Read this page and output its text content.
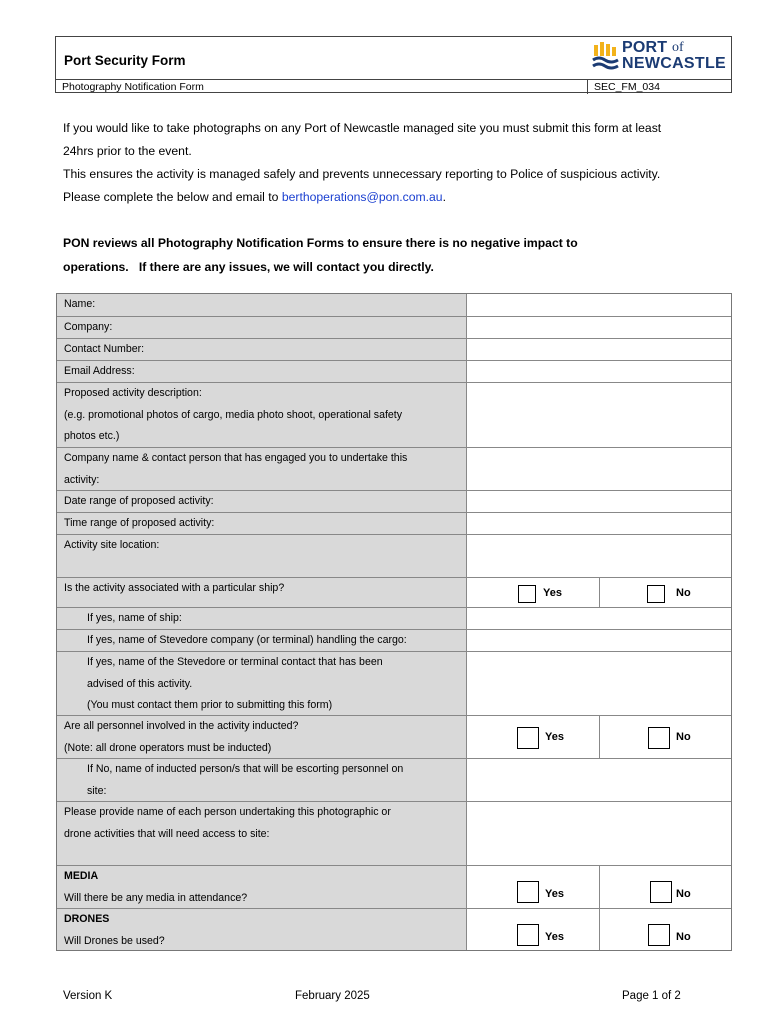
Port Security Form
PORT of
NEWCASTLE
Photography Notification Form	SEC_FM_034
If you would like to take photographs on any Port of Newcastle managed site you must submit this form at least
24hrs prior to the event.
This ensures the activity is managed safely and prevents unnecessary reporting to Police of suspicious activity.
Please complete the below and email to berthoperations@pon.com.au.
PON reviews all Photography Notification Forms to ensure there is no negative impact to
operations.   If there are any issues, we will contact you directly.
Name:
Company:
Contact Number:
Email Address:
Proposed activity description:
(e.g. promotional photos of cargo, media photo shoot, operational safety
photos etc.)
Company name & contact person that has engaged you to undertake this
activity:
Date range of proposed activity:
Time range of proposed activity:
Activity site location:
Is the activity associated with a particular ship?	Yes	No
If yes, name of ship:
If yes, name of Stevedore company (or terminal) handling the cargo:
If yes, name of the Stevedore or terminal contact that has been
advised of this activity.
(You must contact them prior to submitting this form)
Are all personnel involved in the activity inducted?
(Note: all drone operators must be inducted)
Yes	No
If No, name of inducted person/s that will be escorting personnel on
site:
Please provide name of each person undertaking this photographic or
drone activities that will need access to site:
MEDIA
Will there be any media in attendance?	Yes	No
DRONES
Will Drones be used?	Yes	No
Version K	February 2025	Page 1 of 2
